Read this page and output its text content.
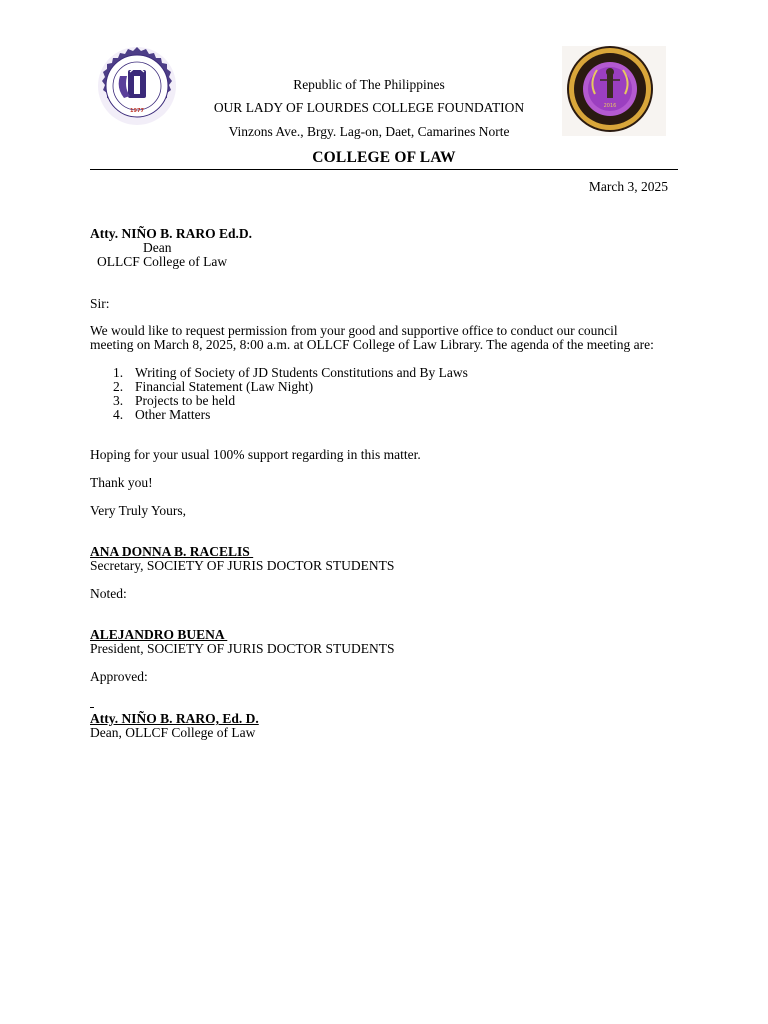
1977
2016
Republic of The Philippines
OUR LADY OF LOURDES COLLEGE FOUNDATION
Vinzons Ave., Brgy. Lag-on, Daet, Camarines Norte
COLLEGE OF LAW
March 3, 2025
Atty. NIÑO B. RARO Ed.D.
Dean
OLLCF College of Law
Sir:
We would like to request permission from your good and supportive office to conduct our council
meeting on March 8, 2025, 8:00 a.m. at OLLCF College of Law Library. The agenda of the meeting are:
1. Writing of Society of JD Students Constitutions and By Laws
2. Financial Statement (Law Night)
3. Projects to be held
4. Other Matters
Hoping for your usual 100% support regarding in this matter.
Thank you!
Very Truly Yours,
ANA DONNA B. RACELIS
Secretary, SOCIETY OF JURIS DOCTOR STUDENTS
Noted:
ALEJANDRO BUENA
President, SOCIETY OF JURIS DOCTOR STUDENTS
Approved:
Atty. NIÑO B. RARO, Ed. D.
Dean, OLLCF College of Law
